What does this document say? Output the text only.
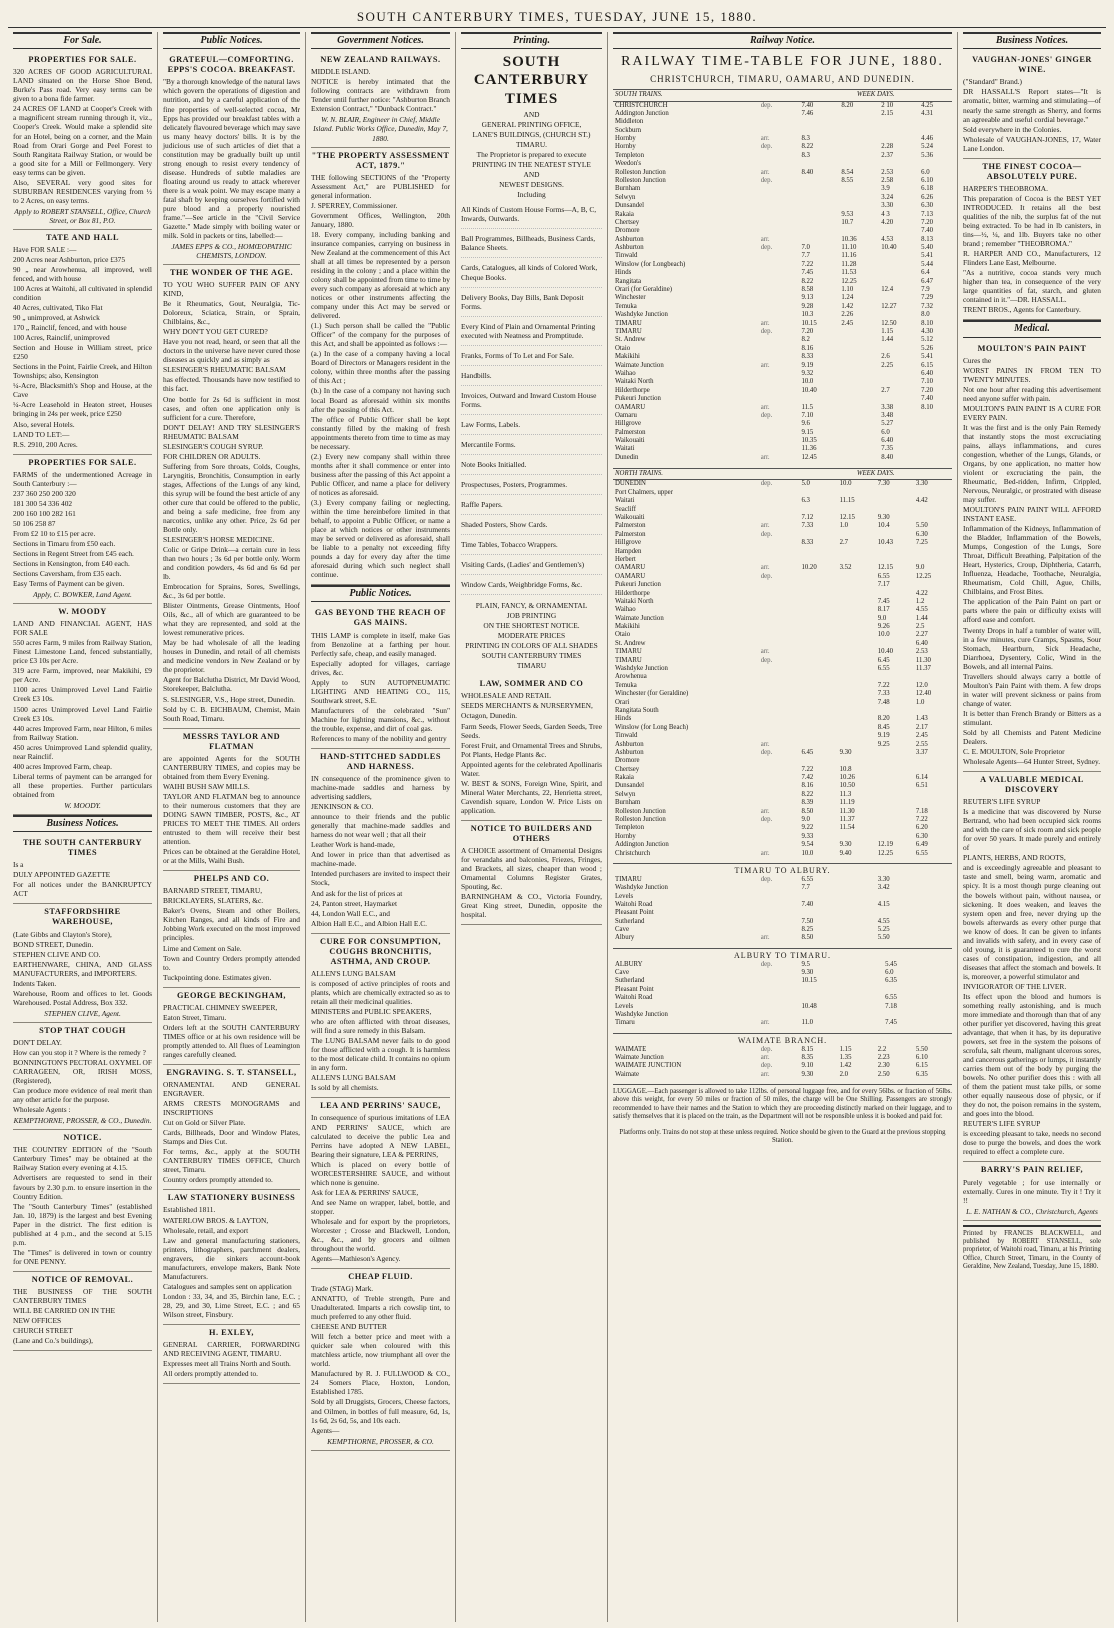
SOUTH CANTERBURY TIMES, TUESDAY, JUNE 15, 1880.
For Sale.
PROPERTIES FOR SALE.
320 ACRES OF GOOD AGRICULTURAL LAND situated on the Horse Shoe Bend, Burke's Pass road. Very easy terms can be given to a bona fide farmer.
24 ACRES OF LAND at Cooper's Creek with a magnificent stream running through it, viz., Cooper's Creek. Would make a splendid site for an Hotel, being on a corner, and the Main Road from Orari Gorge and Peel Forest to South Rangitata Railway Station, or would be a good site for a Mill or Fellmongery. Very easy terms can be given.
Also, SEVERAL very good sites for SUBURBAN RESIDENCES varying from ½ to 2 Acres, on easy terms.
Apply to ROBERT STANSELL, Office, Church Street, or Box 81, P.O.
TATE AND HALL
Have FOR SALE :—
200 Acres near Ashburton, price £375
90 „ near Arowhenua, all improved, well fenced, and with house
100 Acres at Waitohi, all cultivated in splendid condition
40 Acres, cultivated, Tiko Flat
90 „ unimproved, at Ashwick
170 „ Rainclif, fenced, and with house
100 Acres, Rainclif, unimproved
Section and House in William street, price £250
Sections in the Point, Fairlie Creek, and Hilton Townships; also, Kensington
¼-Acre, Blacksmith's Shop and House, at the Cave
¼-Acre Leasehold in Heaton street, Houses bringing in 24s per week, price £250
Also, several Hotels.
LAND TO LET:—
R.S. 2910, 200 Acres.
PROPERTIES FOR SALE.
FARMS of the undermentioned Acreage in South Canterbury :—
237 360 250 200 320
181 300 54 336 402
200 160 100 282 161
50 106 258 87
From £2 10 to £15 per acre.
Sections in Timaru from £50 each.
Sections in Regent Street from £45 each.
Sections in Kensington, from £40 each.
Sections Caversham, from £35 each.
Easy Terms of Payment can be given.
Apply, C. BOWKER, Land Agent.
W. MOODY
LAND AND FINANCIAL AGENT, HAS FOR SALE
550 acres Farm, 9 miles from Railway Station, Finest Limestone Land, fenced substantially, price £3 10s per Acre.
319 acre Farm, improved, near Makikihi, £9 per Acre.
1100 acres Unimproved Level Land Fairlie Creek £3 10s.
1500 acres Unimproved Level Land Fairlie Creek £3 10s.
440 acres Improved Farm, near Hilton, 6 miles from Railway Station.
450 acres Unimproved Land splendid quality, near Rainclif.
400 acres Improved Farm, cheap.
Liberal terms of payment can be arranged for all these properties. Further particulars obtained from
W. MOODY.
Business Notices.
THE SOUTH CANTERBURY TIMES
Is a
DULY APPOINTED GAZETTE
For all notices under the BANKRUPTCY ACT
STAFFORDSHIRE WAREHOUSE,
(Late Gibbs and Clayton's Store),
BOND STREET, Dunedin.
STEPHEN CLIVE AND CO.
EARTHENWARE, CHINA, AND GLASS MANUFACTURERS, and IMPORTERS.
Indents Taken.
Warehouse, Room and offices to let. Goods Warehoused. Postal Address, Box 332.
STEPHEN CLIVE, Agent.
STOP THAT COUGH
DON'T DELAY.
How can you stop it ? Where is the remedy ?
BONNINGTON'S PECTORAL OXYMEL OF CARRAGEEN, OR, IRISH MOSS, (Registered),
Can produce more evidence of real merit than any other article for the purpose.
Wholesale Agents :
KEMPTHORNE, PROSSER, & CO., Dunedin.
NOTICE.
THE COUNTRY EDITION of the "South Canterbury Times" may be obtained at the Railway Station every evening at 4.15.
Advertisers are requested to send in their favours by 2.30 p.m. to ensure insertion in the Country Edition.
The "South Canterbury Times" (established Jan. 10, 1879) is the largest and best Evening Paper in the district. The first edition is published at 4 p.m., and the second at 5.15 p.m.
The "Times" is delivered in town or country for ONE PENNY.
NOTICE OF REMOVAL.
THE BUSINESS OF THE SOUTH CANTERBURY TIMES
WILL BE CARRIED ON IN THE
NEW OFFICES
CHURCH STREET
(Lane and Co.'s buildings),
Public Notices.
GRATEFUL—COMFORTING. EPPS'S COCOA. BREAKFAST.
"By a thorough knowledge of the natural laws which govern the operations of digestion and nutrition, and by a careful application of the fine properties of well-selected cocoa, Mr Epps has provided our breakfast tables with a delicately flavoured beverage which may save us many heavy doctors' bills. It is by the judicious use of such articles of diet that a constitution may be gradually built up until strong enough to resist every tendency of disease. Hundreds of subtle maladies are floating around us ready to attack wherever there is a weak point. We may escape many a fatal shaft by keeping ourselves fortified with pure blood and a properly nourished frame."—See article in the "Civil Service Gazette." Made simply with boiling water or milk. Sold in packets or tins, labelled:—
JAMES EPPS & CO., HOMŒOPATHIC CHEMISTS, LONDON.
THE WONDER OF THE AGE.
TO YOU WHO SUFFER PAIN OF ANY KIND,
Be it Rheumatics, Gout, Neuralgia, Tic-Doloreux, Sciatica, Strain, or Sprain, Chilblains, &c.,
WHY DON'T YOU GET CURED?
Have you not read, heard, or seen that all the doctors in the universe have never cured those diseases as quickly and as simply as
SLESINGER'S RHEUMATIC BALSAM
has effected. Thousands have now testified to this fact.
One bottle for 2s 6d is sufficient in most cases, and often one application only is sufficient for a cure. Therefore,
DON'T DELAY! AND TRY SLESINGER'S RHEUMATIC BALSAM
SLESINGER'S COUGH SYRUP.
FOR CHILDREN OR ADULTS.
Suffering from Sore throats, Colds, Coughs, Laryngitis, Bronchitis, Consumption in early stages, Affections of the Lungs of any kind, this syrup will be found the best article of any other cure that could be offered to the public, and being a safe medicine, free from any narcotics, unlike any other. Price, 2s 6d per Bottle only.
SLESINGER'S HORSE MEDICINE.
Colic or Gripe Drink—a certain cure in less than two hours ; 3s 6d per bottle only. Worm and condition powders, 4s 6d and 6s 6d per lb.
Embrocation for Sprains, Sores, Swellings, &c., 3s 6d per bottle.
Blister Ointments, Grease Ointments, Hoof Oils, &c., all of which are guaranteed to be what they are represented, and sold at the lowest remunerative prices.
May be had wholesale of all the leading houses in Dunedin, and retail of all chemists and medicine vendors in New Zealand or by the proprietor.
Agent for Balclutha District, Mr David Wood, Storekeeper, Balclutha.
S. SLESINGER, V.S., Hope street, Dunedin.
Sold by C. B. EICHBAUM, Chemist, Main South Road, Timaru.
MESSRS TAYLOR AND FLATMAN
are appointed Agents for the SOUTH CANTERBURY TIMES, and copies may be obtained from them Every Evening.
WAIHI BUSH SAW MILLS.
TAYLOR AND FLATMAN beg to announce to their numerous customers that they are DOING SAWN TIMBER, POSTS, &c., AT PRICES TO MEET THE TIMES. All orders entrusted to them will receive their best attention.
Prices can be obtained at the Geraldine Hotel, or at the Mills, Waihi Bush.
PHELPS AND CO.
BARNARD STREET, TIMARU,
BRICKLAYERS, SLATERS, &c.
Baker's Ovens, Steam and other Boilers, Kitchen Ranges, and all kinds of Fire and Jobbing Work executed on the most improved principles.
Lime and Cement on Sale.
Town and Country Orders promptly attended to.
Tuckpointing done. Estimates given.
GEORGE BECKINGHAM,
PRACTICAL CHIMNEY SWEEPER,
Eaton Street, Timaru.
Orders left at the SOUTH CANTERBURY TIMES office or at his own residence will be promptly attended to. All flues of Leamington ranges carefully cleaned.
ENGRAVING. S. T. STANSELL,
ORNAMENTAL AND GENERAL ENGRAVER.
ARMS CRESTS MONOGRAMS and INSCRIPTIONS
Cut on Gold or Silver Plate.
Cards, Billheads, Door and Window Plates, Stamps and Dies Cut.
For terms, &c., apply at the SOUTH CANTERBURY TIMES OFFICE, Church street, Timaru.
Country orders promptly attended to.
LAW STATIONERY BUSINESS
Established 1811.
WATERLOW BROS. & LAYTON,
Wholesale, retail, and export
Law and general manufacturing stationers, printers, lithographers, parchment dealers, engravers, die sinkers account-book manufacturers, envelope makers, Bank Note Manufacturers.
Catalogues and samples sent on application
London : 33, 34, and 35, Birchin lane, E.C. ; 28, 29, and 30, Lime Street, E.C. ; and 65 Wilson street, Finsbury.
H. EXLEY,
GENERAL CARRIER, FORWARDING AND RECEIVING AGENT, TIMARU.
Expresses meet all Trains North and South.
All orders promptly attended to.
Government Notices.
NEW ZEALAND RAILWAYS.
MIDDLE ISLAND.
NOTICE is hereby intimated that the following contracts are withdrawn from Tender until further notice: "Ashburton Branch Extension Contract," "Dunback Contract."
W. N. BLAIR, Engineer in Chief, Middle Island. Public Works Office, Dunedin, May 7, 1880.
"THE PROPERTY ASSESSMENT ACT, 1879."
THE following SECTIONS of the "Property Assessment Act," are PUBLISHED for general information.
J. SPERREY, Commissioner.
Government Offices, Wellington, 20th January, 1880.
18. Every company, including banking and insurance companies, carrying on business in New Zealand at the commencement of this Act shall at all times be represented by a person residing in the colony ; and a place within the colony shall be appointed from time to time by every such company as aforesaid at which any notices or other instruments affecting the company under this Act may be served or delivered.
(1.) Such person shall be called the "Public Officer" of the company for the purposes of this Act, and shall be appointed as follows :—
(a.) In the case of a company having a local Board of Directors or Managers resident in the colony, within three months after the passing of this Act ;
(b.) In the case of a company not having such local Board as aforesaid within six months after the passing of this Act.
The office of Public Officer shall be kept constantly filled by the making of fresh appointments thereto from time to time as may be necessary.
(2.) Every new company shall within three months after it shall commence or enter into business after the passing of this Act appoint a Public Officer, and name a place for delivery of notices as aforesaid.
(3.) Every company failing or neglecting, within the time hereinbefore limited in that behalf, to appoint a Public Officer, or name a place at which notices or other instruments may be served or delivered as aforesaid, shall be liable to a penalty not exceeding fifty pounds a day for every day after the time aforesaid during which such neglect shall continue.
Public Notices.
GAS BEYOND THE REACH OF GAS MAINS.
THIS LAMP is complete in itself, make Gas from Benzoline at a farthing per hour. Perfectly safe, cheap, and easily managed.
Especially adopted for villages, carriage drives, &c.
Apply to SUN AUTOPNEUMATIC LIGHTING AND HEATING CO., 115, Southwark street, S.E.
Manufacturers of the celebrated "Sun" Machine for lighting mansions, &c., without the trouble, expense, and dirt of coal gas.
References to many of the nobility and gentry
HAND-STITCHED SADDLES AND HARNESS.
IN consequence of the prominence given to machine-made saddles and harness by advertising saddlers,
JENKINSON & CO.
announce to their friends and the public generally that machine-made saddles and harness do not wear well ; that all their
Leather Work is hand-made,
And lower in price than that advertised as machine-made.
Intended purchasers are invited to inspect their Stock,
And ask for the list of prices at
24, Panton street, Haymarket
44, London Wall E.C., and
Albion Hall E.C., and Albion Hall E.C.
CURE FOR CONSUMPTION, COUGHS BRONCHITIS, ASTHMA, AND CROUP.
ALLEN'S LUNG BALSAM
is composed of active principles of roots and plants, which are chemically extracted so as to retain all their medicinal qualities.
MINISTERS and PUBLIC SPEAKERS,
who are often afflicted with throat diseases, will find a sure remedy in this Balsam.
The LUNG BALSAM never fails to do good for those afflicted with a cough. It is harmless to the most delicate child. It contains no opium in any form.
ALLEN'S LUNG BALSAM
Is sold by all chemists.
LEA AND PERRINS' SAUCE,
In consequence of spurious imitations of LEA AND PERRINS' SAUCE, which are calculated to deceive the public Lea and Perrins have adopted A NEW LABEL, Bearing their signature, LEA & PERRINS,
Which is placed on every bottle of WORCESTERSHIRE SAUCE, and without which none is genuine.
Ask for LEA & PERRINS' SAUCE,
And see Name on wrapper, label, bottle, and stopper.
Wholesale and for export by the proprietors, Worcester ; Crosse and Blackwell, London, &c., &c., and by grocers and oilmen throughout the world.
Agents—Mathieson's Agency.
CHEAP FLUID.
Trade (STAG) Mark.
ANNATTO, of Treble strength, Pure and Unadulterated. Imparts a rich cowslip tint, to much preferred to any other fluid.
CHEESE AND BUTTER
Will fetch a better price and meet with a quicker sale when coloured with this matchless article, now triumphant all over the world.
Manufactured by R. J. FULLWOOD & CO., 24 Somers Place, Hoxton, London, Established 1785.
Sold by all Druggists, Grocers, Cheese factors, and Oilmen, in bottles of full measure, 6d, 1s, 1s 6d, 2s 6d, 5s, and 10s each.
Agents—
KEMPTHORNE, PROSSER, & CO.
Printing.
SOUTH CANTERBURY TIMES
AND
GENERAL PRINTING OFFICE,
LANE'S BUILDINGS, (CHURCH ST.)
TIMARU.
The Proprietor is prepared to execute
PRINTING IN THE NEATEST STYLE
AND
NEWEST DESIGNS.
Including
All Kinds of Custom House Forms—A, B, C, Inwards, Outwards.
Ball Programmes, Billheads, Business Cards, Balance Sheets.
Cards, Catalogues, all kinds of Colored Work, Cheque Books.
Delivery Books, Day Bills, Bank Deposit Forms.
Every Kind of Plain and Ornamental Printing executed with Neatness and Promptitude.
Franks, Forms of To Let and For Sale.
Handbills.
Invoices, Outward and Inward Custom House Forms.
Law Forms, Labels.
Mercantile Forms.
Note Books Initialled.
Prospectuses, Posters, Programmes.
Raffle Papers.
Shaded Posters, Show Cards.
Time Tables, Tobacco Wrappers.
Visiting Cards, (Ladies' and Gentlemen's)
Window Cards, Weighbridge Forms, &c.
PLAIN, FANCY, & ORNAMENTAL
JOB PRINTING
ON THE SHORTEST NOTICE.
MODERATE PRICES
PRINTING IN COLORS OF ALL SHADES
SOUTH CANTERBURY TIMES
TIMARU
LAW, SOMMER AND CO
WHOLESALE AND RETAIL
SEEDS MERCHANTS & NURSERYMEN,
Octagon, Dunedin.
Farm Seeds, Flower Seeds, Garden Seeds, Tree Seeds.
Forest Fruit, and Ornamental Trees and Shrubs, Pot Plants, Hedge Plants &c.
Appointed agents for the celebrated Apollinaris Water.
W. BEST & SONS, Foreign Wine, Spirit, and Mineral Water Merchants, 22, Henrietta street, Cavendish square, London W. Price Lists on application.
NOTICE TO BUILDERS AND OTHERS
A CHOICE assortment of Ornamental Designs for verandahs and balconies, Friezes, Fringes, and Brackets, all sizes, cheaper than wood ; Ornamental Columns Register Grates, Spouting, &c.
BARNINGHAM & CO., Victoria Foundry, Great King street, Dunedin, opposite the hospital.
Railway Notice.
RAILWAY TIME-TABLE FOR JUNE, 1880.
CHRISTCHURCH, TIMARU, OAMARU, AND DUNEDIN.
SOUTH TRAINS.		WEEK DAYS.			
CHRISTCHURCH	dep.	7.40	8.20	2 10	4.25
Addington Junction		7.46		2.15	4.31
Middleton					
Sockburn					
Hornby	arr.	8.3			4.46
Hornby	dep.	8.22		2.28	5.24
Templeton		8.3		2.37	5.36
Weedon's					
Rolleston Junction	arr.	8.40	8.54	2.53	6.0
Rolleston Junction	dep.		8.55	2.58	6.10
Burnham				3.9	6.18
Selwyn				3.24	6.26
Dunsandel				3.30	6.30
Rakaia			9.53	4 3	7.13
Chertsey			10.7	4.20	7.20
Dromore					7.40
Ashburton	arr.		10.36	4.53	8.13
Ashburton	dep.	7.0	11.10	10.40	5.40
Tinwald		7.7	11.16		5.41
Winslow (for Longbeach)		7.22	11.28		5.44
Hinds		7.45	11.53		6.4
Rangitata		8.22	12.25		6.47
Orari (for Geraldine)		8.58	1.10	12.4	7.9
Winchester		9.13	1.24		7.29
Temuka		9.28	1.42	12.27	7.32
Washdyke Junction		10.3	2.26		8.0
TIMARU	arr.	10.15	2.45	12.50	8.10
TIMARU	dep.	7.20		1.15	4.30
St. Andrew		8.2		1.44	5.12
Otaio		8.16			5.26
Makikihi		8.33		2.6	5.41
Waimate Junction	arr.	9.19		2.25	6.15
Waihao		9.32			6.40
Waitaki North		10.0			7.10
Hilderthorpe		10.40		2.7	7.20
Pukeuri Junction					7.40
OAMARU	arr.	11.5		3.38	8.10
Oamaru	dep.	7.10		3.48	
Hillgrove		9.6		5.27	
Palmerston		9.15		6.0	
Waikouaiti		10.35		6.40	
Waitati		11.36		7.35	
Dunedin	arr.	12.45		8.40	
NORTH TRAINS.		WEEK DAYS.			
DUNEDIN	dep.	5.0	10.0	7.30	3.30
Port Chalmers, upper					
Waitati		6.3	11.15		4.42
Seacliff					
Waikouaiti		7.12	12.15	9.30	
Palmerston	arr.	7.33	1.0	10.4	5.50
Palmerston	dep.				6.30
Hillgrove		8.33	2.7	10.43	7.25
Hampden					
Herbert					
OAMARU	arr.	10.20	3.52	12.15	9.0
OAMARU	dep.			6.55	12.25
Pukeuri Junction				7.17	
Hilderthorpe					4.22
Waitaki North				7.45	1.2
Waihao				8.17	4.55
Waimate Junction				9.0	1.44
Makikihi				9.26	2.5
Otaio				10.0	2.27
St. Andrew					6.40
TIMARU	arr.			10.40	2.53
TIMARU	dep.			6.45	11.30
Washdyke Junction				6.55	11.37
Arowhenua					
Temuka				7.22	12.0
Winchester (for Geraldine)				7.33	12.40
Orari				7.48	1.0
Rangitata South					
Hinds				8.20	1.43
Winslow (for Long Beach)				8.45	2.17
Tinwald				9.19	2.45
Ashburton	arr.			9.25	2.55
Ashburton	dep.	6.45	9.30		3.37
Dromore					
Chertsey		7.22	10.8		
Rakaia		7.42	10.26		6.14
Dunsandel		8.16	10.50		6.51
Selwyn		8.22	11.3		
Burnham		8.39	11.19		
Rolleston Junction	arr.	8.50	11.30		7.18
Rolleston Junction	dep.	9.0	11.37		7.22
Templeton		9.22	11.54		6.20
Hornby		9.33			6.30
Addington Junction		9.54	9.30	12.19	6.49
Christchurch	arr.	10.0	9.40	12.25	6.55
TIMARU TO ALBURY.
TIMARU	dep.	6.55	3.30
Washdyke Junction		7.7	3.42
Levels			
Waitohi Road		7.40	4.15
Pleasant Point			
Sutherland		7.50	4.55
Cave		8.25	5.25
Albury	arr.	8.50	5.50
ALBURY TO TIMARU.
ALBURY	dep.	9.5	5.45
Cave		9.30	6.0
Sutherland		10.15	6.35
Pleasant Point			
Waitohi Road			6.55
Levels		10.48	7.18
Washdyke Junction			
Timaru	arr.	11.0	7.45
WAIMATE BRANCH.
WAIMATE	dep.	8.15	1.15	2.2	5.50
Waimate Junction	arr.	8.35	1.35	2.23	6.10
WAIMATE JUNCTION	dep.	9.10	1.42	2.30	6.15
Waimate	arr.	9.30	2.0	2.50	6.35
LUGGAGE.—Each passenger is allowed to take 112lbs. of personal luggage free, and for every 56lbs. or fraction of 56lbs. above this weight, for every 50 miles or fraction of 50 miles, the charge will be One Shilling. Passengers are strongly recommended to have their names and the Station to which they are proceeding distinctly marked on their luggage, and to satisfy themselves that it is placed on the train, as the Department will not be responsible unless it is booked and paid for.
Platforms only. Trains do not stop at these unless required. Notice should be given to the Guard at the previous stopping Station.
Business Notices.
VAUGHAN-JONES' GINGER WINE.
("Standard" Brand.)
DR HASSALL'S Report states—"It is aromatic, bitter, warming and stimulating—of nearly the same strength as Sherry, and forms an agreeable and useful cordial beverage."
Sold everywhere in the Colonies.
Wholesale of VAUGHAN-JONES, 17, Water Lane London.
THE FINEST COCOA—ABSOLUTELY PURE.
HARPER'S THEOBROMA.
This preparation of Cocoa is the BEST YET INTRODUCED. It retains all the best qualities of the nib, the surplus fat of the nut being extracted. To be had in lb canisters, in tins—½, ¼, and 1lb. Buyers take no other brand ; remember "THEOBROMA."
R. HARPER AND CO., Manufacturers, 12 Flinders Lane East, Melbourne.
"As a nutritive, cocoa stands very much higher than tea, in consequence of the very large quantities of fat, starch, and gluten contained in it."—DR. HASSALL.
TRENT BROS., Agents for Canterbury.
Medical.
MOULTON'S PAIN PAINT
Cures the
WORST PAINS IN FROM TEN TO TWENTY MINUTES.
Not one hour after reading this advertisement need anyone suffer with pain.
MOULTON'S PAIN PAINT IS A CURE FOR EVERY PAIN.
It was the first and is the only Pain Remedy that instantly stops the most excruciating pains, allays inflammations, and cures congestion, whether of the Lungs, Glands, or Organs, by one application, no matter how violent or excruciating the pain, the Rheumatic, Bed-ridden, Infirm, Crippled, Nervous, Neuralgic, or prostrated with disease may suffer.
MOULTON'S PAIN PAINT WILL AFFORD INSTANT EASE.
Inflammation of the Kidneys, Inflammation of the Bladder, Inflammation of the Bowels, Mumps, Congestion of the Lungs, Sore Throat, Difficult Breathing, Palpitation of the Heart, Hysterics, Croup, Diphtheria, Catarrh, Influenza, Headache, Toothache, Neuralgia, Rheumatism, Cold Chill, Ague, Chills, Chilblains, and Frost Bites.
The application of the Pain Paint on part or parts where the pain or difficulty exists will afford ease and comfort.
Twenty Drops in half a tumbler of water will, in a few minutes, cure Cramps, Spasms, Sour Stomach, Heartburn, Sick Headache, Diarrhoea, Dysentery, Colic, Wind in the Bowels, and all internal Pains.
Travellers should always carry a bottle of Moulton's Pain Paint with them. A few drops in water will prevent sickness or pains from change of water.
It is better than French Brandy or Bitters as a stimulant.
Sold by all Chemists and Patent Medicine Dealers.
C. E. MOULTON, Sole Proprietor
Wholesale Agents—64 Hunter Street, Sydney.
A VALUABLE MEDICAL DISCOVERY
REUTER'S LIFE SYRUP
Is a medicine that was discovered by Nurse Bertrand, who had been occupied sick rooms and with the care of sick room and sick people for over 50 years. It made purely and entirely of
PLANTS, HERBS, AND ROOTS,
and is exceedingly agreeable and pleasant to taste and smell, being warm, aromatic and spicy. It is a most though purge cleaning out the bowels without pain, without nausea, or sickening. It does weaken, and leaves the system open and free, never drying up the bowels afterwards as every other purge that we know of does. It can be given to infants and invalids with safety, and in every case of old young, it is guaranteed to cure the worst cases of constipation, indigestion, and all diseases that affect the stomach and bowels. It is, moreover, a powerful stimulator and
INVIGORATOR OF THE LIVER.
Its effect upon the blood and humors is something really astonishing, and is much more immediate and thorough than that of any other purifier yet discovered, having this great advantage, that when it has, by its depurative powers, set free in the system the poisons of scrofula, salt rheum, malignant ulcerous sores, and cancerous gatherings or lumps, it instantly carries them out of the body by purging the bowels. No other purifier does this : with all of them the patient must take pills, or some other equally nauseous dose of physic, or if they do not, the poison remains in the system, and goes into the blood.
REUTER'S LIFE SYRUP
is exceeding pleasant to take, needs no second dose to purge the bowels, and does the work required to effect a complete cure.
BARRY'S PAIN RELIEF,
Purely vegetable ; for use internally or externally. Cures in one minute. Try it ! Try it !!
L. E. NATHAN & CO., Christchurch, Agents
Printed by FRANCIS BLACKWELL, and published by ROBERT STANSELL, sole proprietor, of Waitohi road, Timaru, at his Printing Office, Church Street, Timaru, in the County of Geraldine, New Zealand, Tuesday, June 15, 1880.
